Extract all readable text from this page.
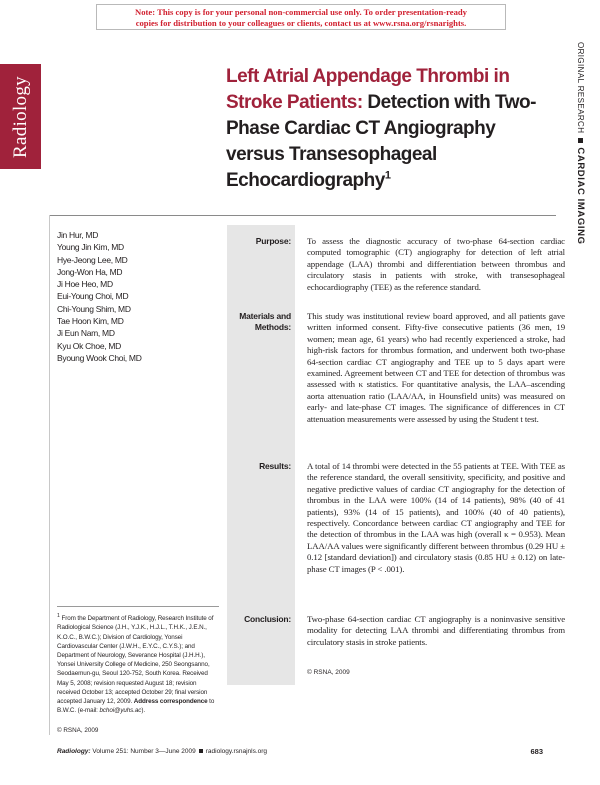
Note: This copy is for your personal non-commercial use only. To order presentation-ready
copies for distribution to your colleagues or clients, contact us at www.rsna.org/rsnarights.
Radiology	ORIGINAL RESEARCHCARDIAC IMAGING
Left Atrial Appendage Thrombi in Stroke Patients: Detection with Two-Phase Cardiac CT Angiography versus Transesophageal Echocardiography$^1$
Jin Hur, MD
Young Jin Kim, MD
Hye-Jeong Lee, MD
Jong-Won Ha, MD
Ji Hoe Heo, MD
Eui-Young Choi, MD
Chi-Young Shim, MD
Tae Hoon Kim, MD
Ji Eun Nam, MD
Kyu Ok Choe, MD
Byoung Wook Choi, MD
Purpose: To assess the diagnostic accuracy of two-phase 64-section cardiac computed tomographic (CT) angiography for detection of left atrial appendage (LAA) thrombi and differentiation between thrombus and circulatory stasis in patients with stroke, with transesophageal echocardiography (TEE) as the reference standard.

Materials and
Methods:

This study was institutional review board approved, and all patients gave written informed consent. Fifty-five consecutive patients (36 men, 19 women; mean age, 61 years) who had recently experienced a stroke, had high-risk factors for thrombus formation, and underwent both two-phase 64-section cardiac CT angiography and TEE up to 5 days apart were examined. Agreement between CT and TEE for detection of thrombus was assessed with κ statistics. For quantitative analysis, the LAA–ascending aorta attenuation ratio (LAA/AA, in Hounsfield units) was measured on early- and late-phase CT images. The significance of differences in CT attenuation measurements were assessed by using the Student t test.

Results: A total of 14 thrombi were detected in the 55 patients at TEE. With TEE as the reference standard, the overall sensitivity, specificity, and positive and negative predictive values of cardiac CT angiography for the detection of thrombus in the LAA were 100% (14 of 14 patients), 98% (40 of 41 patients), 93% (14 of 15 patients), and 100% (40 of 40 patients), respectively. Concordance between cardiac CT angiography and TEE for the detection of thrombus in the LAA was high (overall κ = 0.953). Mean LAA/AA values were significantly different between thrombus (0.29 HU ± 0.12 [standard deviation]) and circulatory stasis (0.85 HU ± 0.12) on late-phase CT images (P < .001).

Conclusion: Two-phase 64-section cardiac CT angiography is a noninvasive sensitive modality for detecting LAA thrombi and differentiating thrombus from circulatory stasis in stroke patients.

© RSNA, 2009

$^1$ From the Department of Radiology, Research Institute of Radiological Science (J.H., Y.J.K., H.J.L., T.H.K., J.E.N., K.O.C., B.W.C.); Division of Cardiology, Yonsei Cardiovascular Center (J.W.H., E.Y.C., C.Y.S.); and Department of Neurology, Severance Hospital (J.H.H.), Yonsei University College of Medicine, 250 Seongsanno, Seodaemun-gu, Seoul 120-752, South Korea. Received May 5, 2008; revision requested August 18; revision received October 13; accepted October 29; final version accepted January 12, 2009. Address correspondence to B.W.C. (e-mail: bchoi@yuhs.ac).

© RSNA, 2009
Radiology: Volume 251: Number 3—June 2009 radiology.rsnajnls.org	683
